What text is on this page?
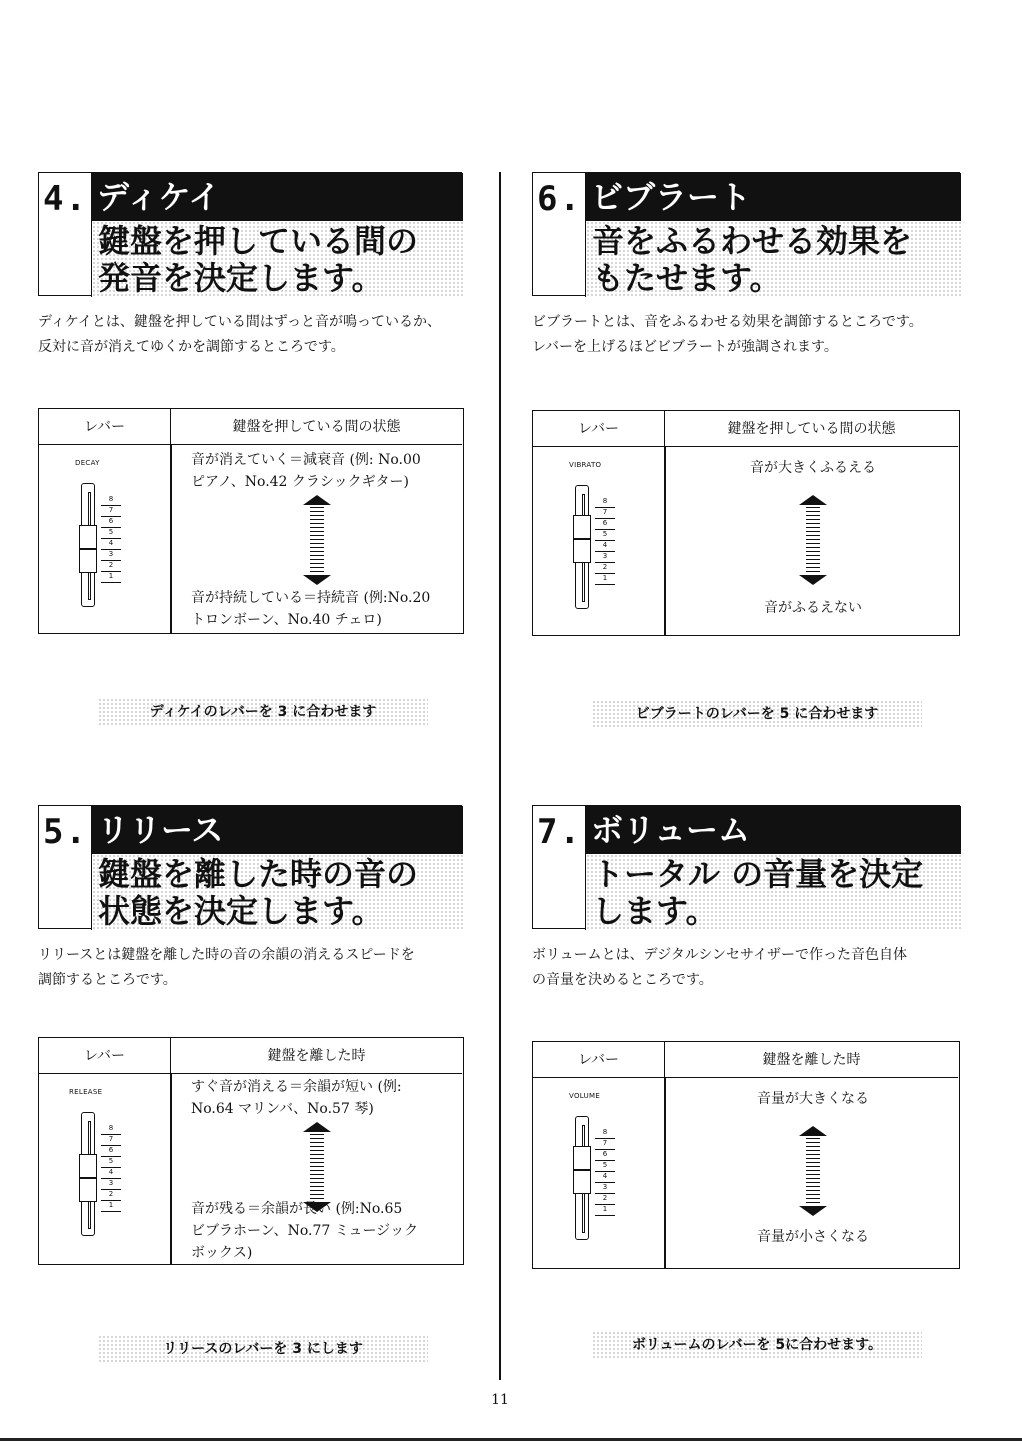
4. ディケイ
鍵盤を押している間の
発音を決定します。
ディケイとは、鍵盤を押している間はずっと音が鳴っているか、
反対に音が消えてゆくかを調節するところです。
レバー	鍵盤を押している間の状態
DECAY
8
7
6
5
4
3
2
1
音が消えていく＝減衰音 (例: No.00
ピアノ、No.42 クラシックギター)
音が持続している＝持続音 (例:No.20
トロンボーン、No.40 チェロ)
ディケイのレバーを 3 に合わせます
6. ビブラート
音をふるわせる効果を
もたせます。
ビブラートとは、音をふるわせる効果を調節するところです。
レバーを上げるほどビブラートが強調されます。
レバー	鍵盤を押している間の状態
VIBRATO
8
7
6
5
4
3
2
1
音が大きくふるえる
音がふるえない
ビブラートのレバーを 5 に合わせます
5. リリース
鍵盤を離した時の音の
状態を決定します。
リリースとは鍵盤を離した時の音の余韻の消えるスピードを
調節するところです。
レバー	鍵盤を離した時
RELEASE
8
7
6
5
4
3
2
1
すぐ音が消える＝余韻が短い (例:
No.64 マリンバ、No.57 琴)
音が残る＝余韻が長い (例:No.65
ビブラホーン、No.77 ミュージック
ボックス)
リリースのレバーを 3 にします
7. ボリューム
トータル の音量を決定
します。
ボリュームとは、デジタルシンセサイザーで作った音色自体
の音量を決めるところです。
レバー	鍵盤を離した時
VOLUME
8
7
6
5
4
3
2
1
音量が大きくなる
音量が小さくなる
ボリュームのレバーを 5に合わせます。
11
